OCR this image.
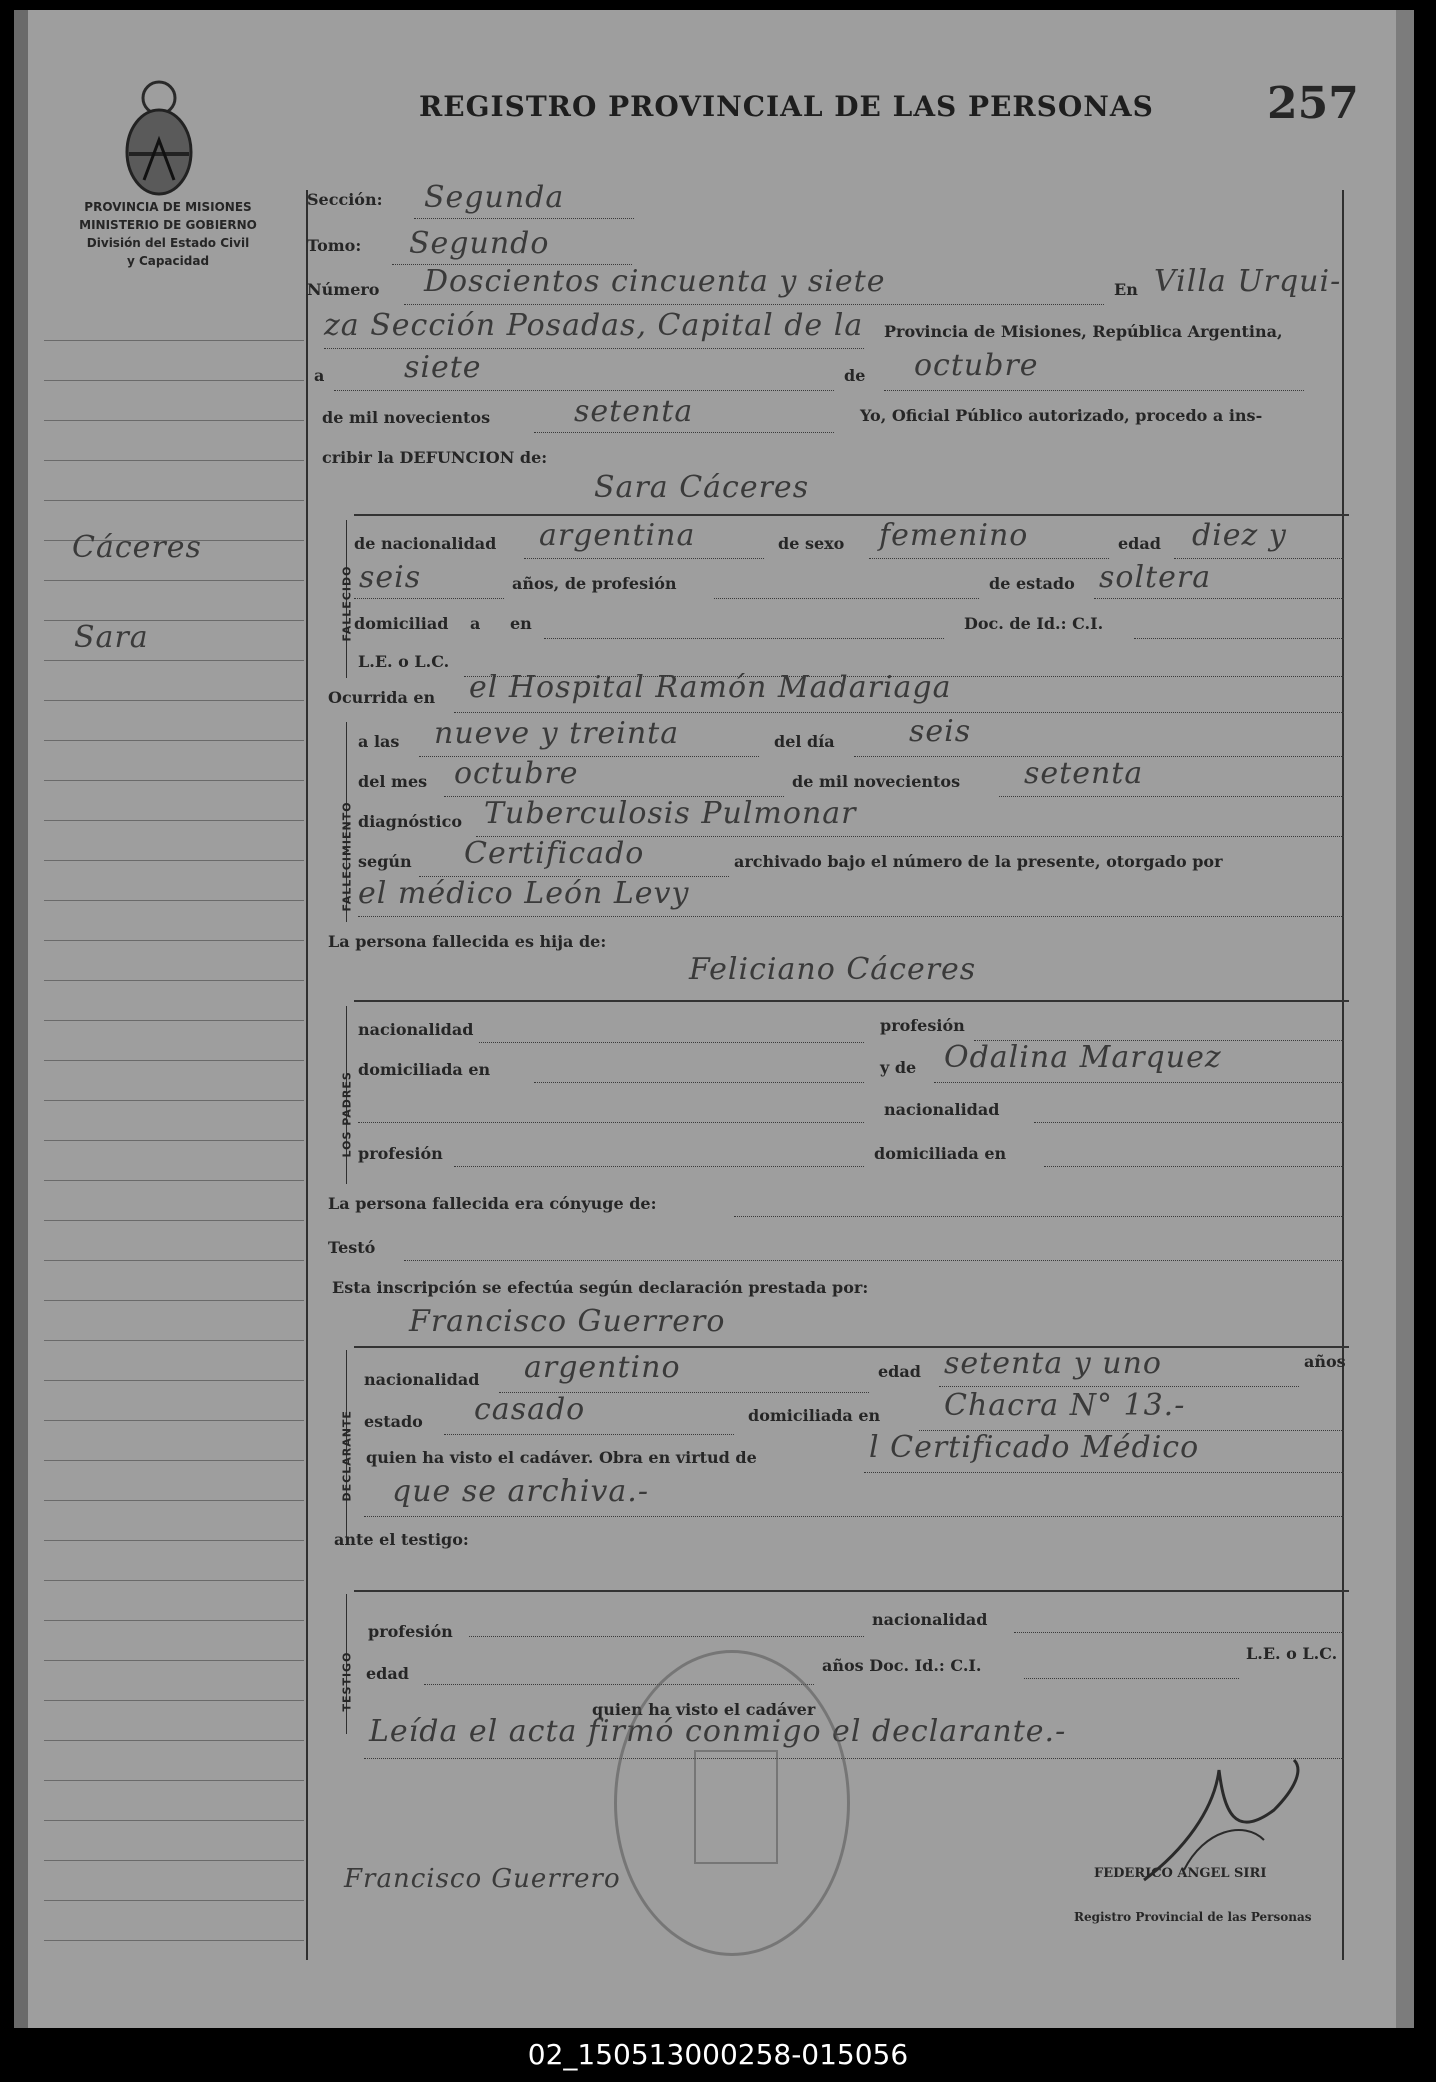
PROVINCIA DE MISIONES
MINISTERIO DE GOBIERNO
División del Estado Civil
y Capacidad
REGISTRO PROVINCIAL DE LAS PERSONAS	257
Cáceres
Sara
Sección: Segunda
Tomo: Segundo
Número Doscientos cincuenta y siete	En Villa Urqui-
za Sección Posadas, Capital de la Provincia de Misiones, República Argentina,
a	siete	de octubre
de mil novecientos	setenta	Yo, Oficial Público autorizado, procedo a ins-
cribir la DEFUNCION de:
Sara Cáceres
FALLECIDO
de nacionalidad argentina	de sexo femenino	edad diez y
seis	años, de profesión	de estado soltera
domiciliad a en	Doc. de Id.: C.I.
L.E. o L.C.
Ocurrida en el Hospital Ramón Madariaga
FALLECIMIENTO
a las nueve y treinta	del día seis
del mes octubre	de mil novecientos setenta
diagnóstico Tuberculosis Pulmonar
según Certificado	archivado bajo el número de la presente, otorgado por
el médico León Levy
La persona fallecida es hija de:
Feliciano Cáceres
LOS PADRES
nacionalidad	profesión
domiciliada en	y de Odalina Marquez
nacionalidad
profesión	domiciliada en
La persona fallecida era cónyuge de:
Testó
Esta inscripción se efectúa según declaración prestada por:
Francisco Guerrero
DECLARANTE
nacionalidad argentino	edad setenta y uno	años
estado casado	domiciliada en Chacra N° 13.-
quien ha visto el cadáver. Obra en virtud de	l Certificado Médico
que se archiva.-
ante el testigo:
TESTIGO
profesión
nacionalidad
edad	años Doc. Id.: C.I.
L.E. o L.C.
quien ha visto el cadáver
Leída el acta firmó conmigo el declarante.-
Francisco Guerrero	FEDERICO ANGEL SIRI
Registro Provincial de las Personas
02_150513000258-015056
